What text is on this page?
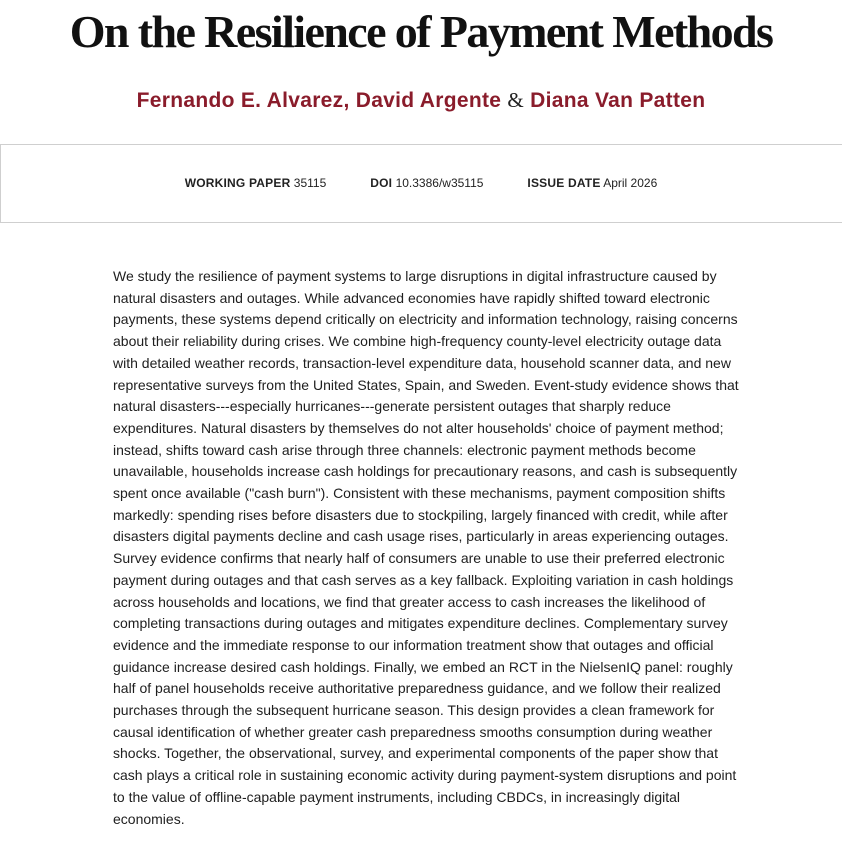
On the Resilience of Payment Methods
Fernando E. Alvarez, David Argente & Diana Van Patten
WORKING PAPER 35115	DOI 10.3386/w35115	ISSUE DATE April 2026

We study the resilience of payment systems to large disruptions in digital infrastructure caused by natural disasters and outages. While advanced economies have rapidly shifted toward electronic payments, these systems depend critically on electricity and information technology, raising concerns about their reliability during crises. We combine high-frequency county-level electricity outage data with detailed weather records, transaction-level expenditure data, household scanner data, and new representative surveys from the United States, Spain, and Sweden. Event-study evidence shows that natural disasters---especially hurricanes---generate persistent outages that sharply reduce expenditures. Natural disasters by themselves do not alter households' choice of payment method; instead, shifts toward cash arise through three channels: electronic payment methods become unavailable, households increase cash holdings for precautionary reasons, and cash is subsequently spent once available ("cash burn"). Consistent with these mechanisms, payment composition shifts markedly: spending rises before disasters due to stockpiling, largely financed with credit, while after disasters digital payments decline and cash usage rises, particularly in areas experiencing outages. Survey evidence confirms that nearly half of consumers are unable to use their preferred electronic payment during outages and that cash serves as a key fallback. Exploiting variation in cash holdings across households and locations, we find that greater access to cash increases the likelihood of completing transactions during outages and mitigates expenditure declines. Complementary survey evidence and the immediate response to our information treatment show that outages and official guidance increase desired cash holdings. Finally, we embed an RCT in the NielsenIQ panel: roughly half of panel households receive authoritative preparedness guidance, and we follow their realized purchases through the subsequent hurricane season. This design provides a clean framework for causal identification of whether greater cash preparedness smooths consumption during weather shocks. Together, the observational, survey, and experimental components of the paper show that cash plays a critical role in sustaining economic activity during payment-system disruptions and point to the value of offline-capable payment instruments, including CBDCs, in increasingly digital economies.
